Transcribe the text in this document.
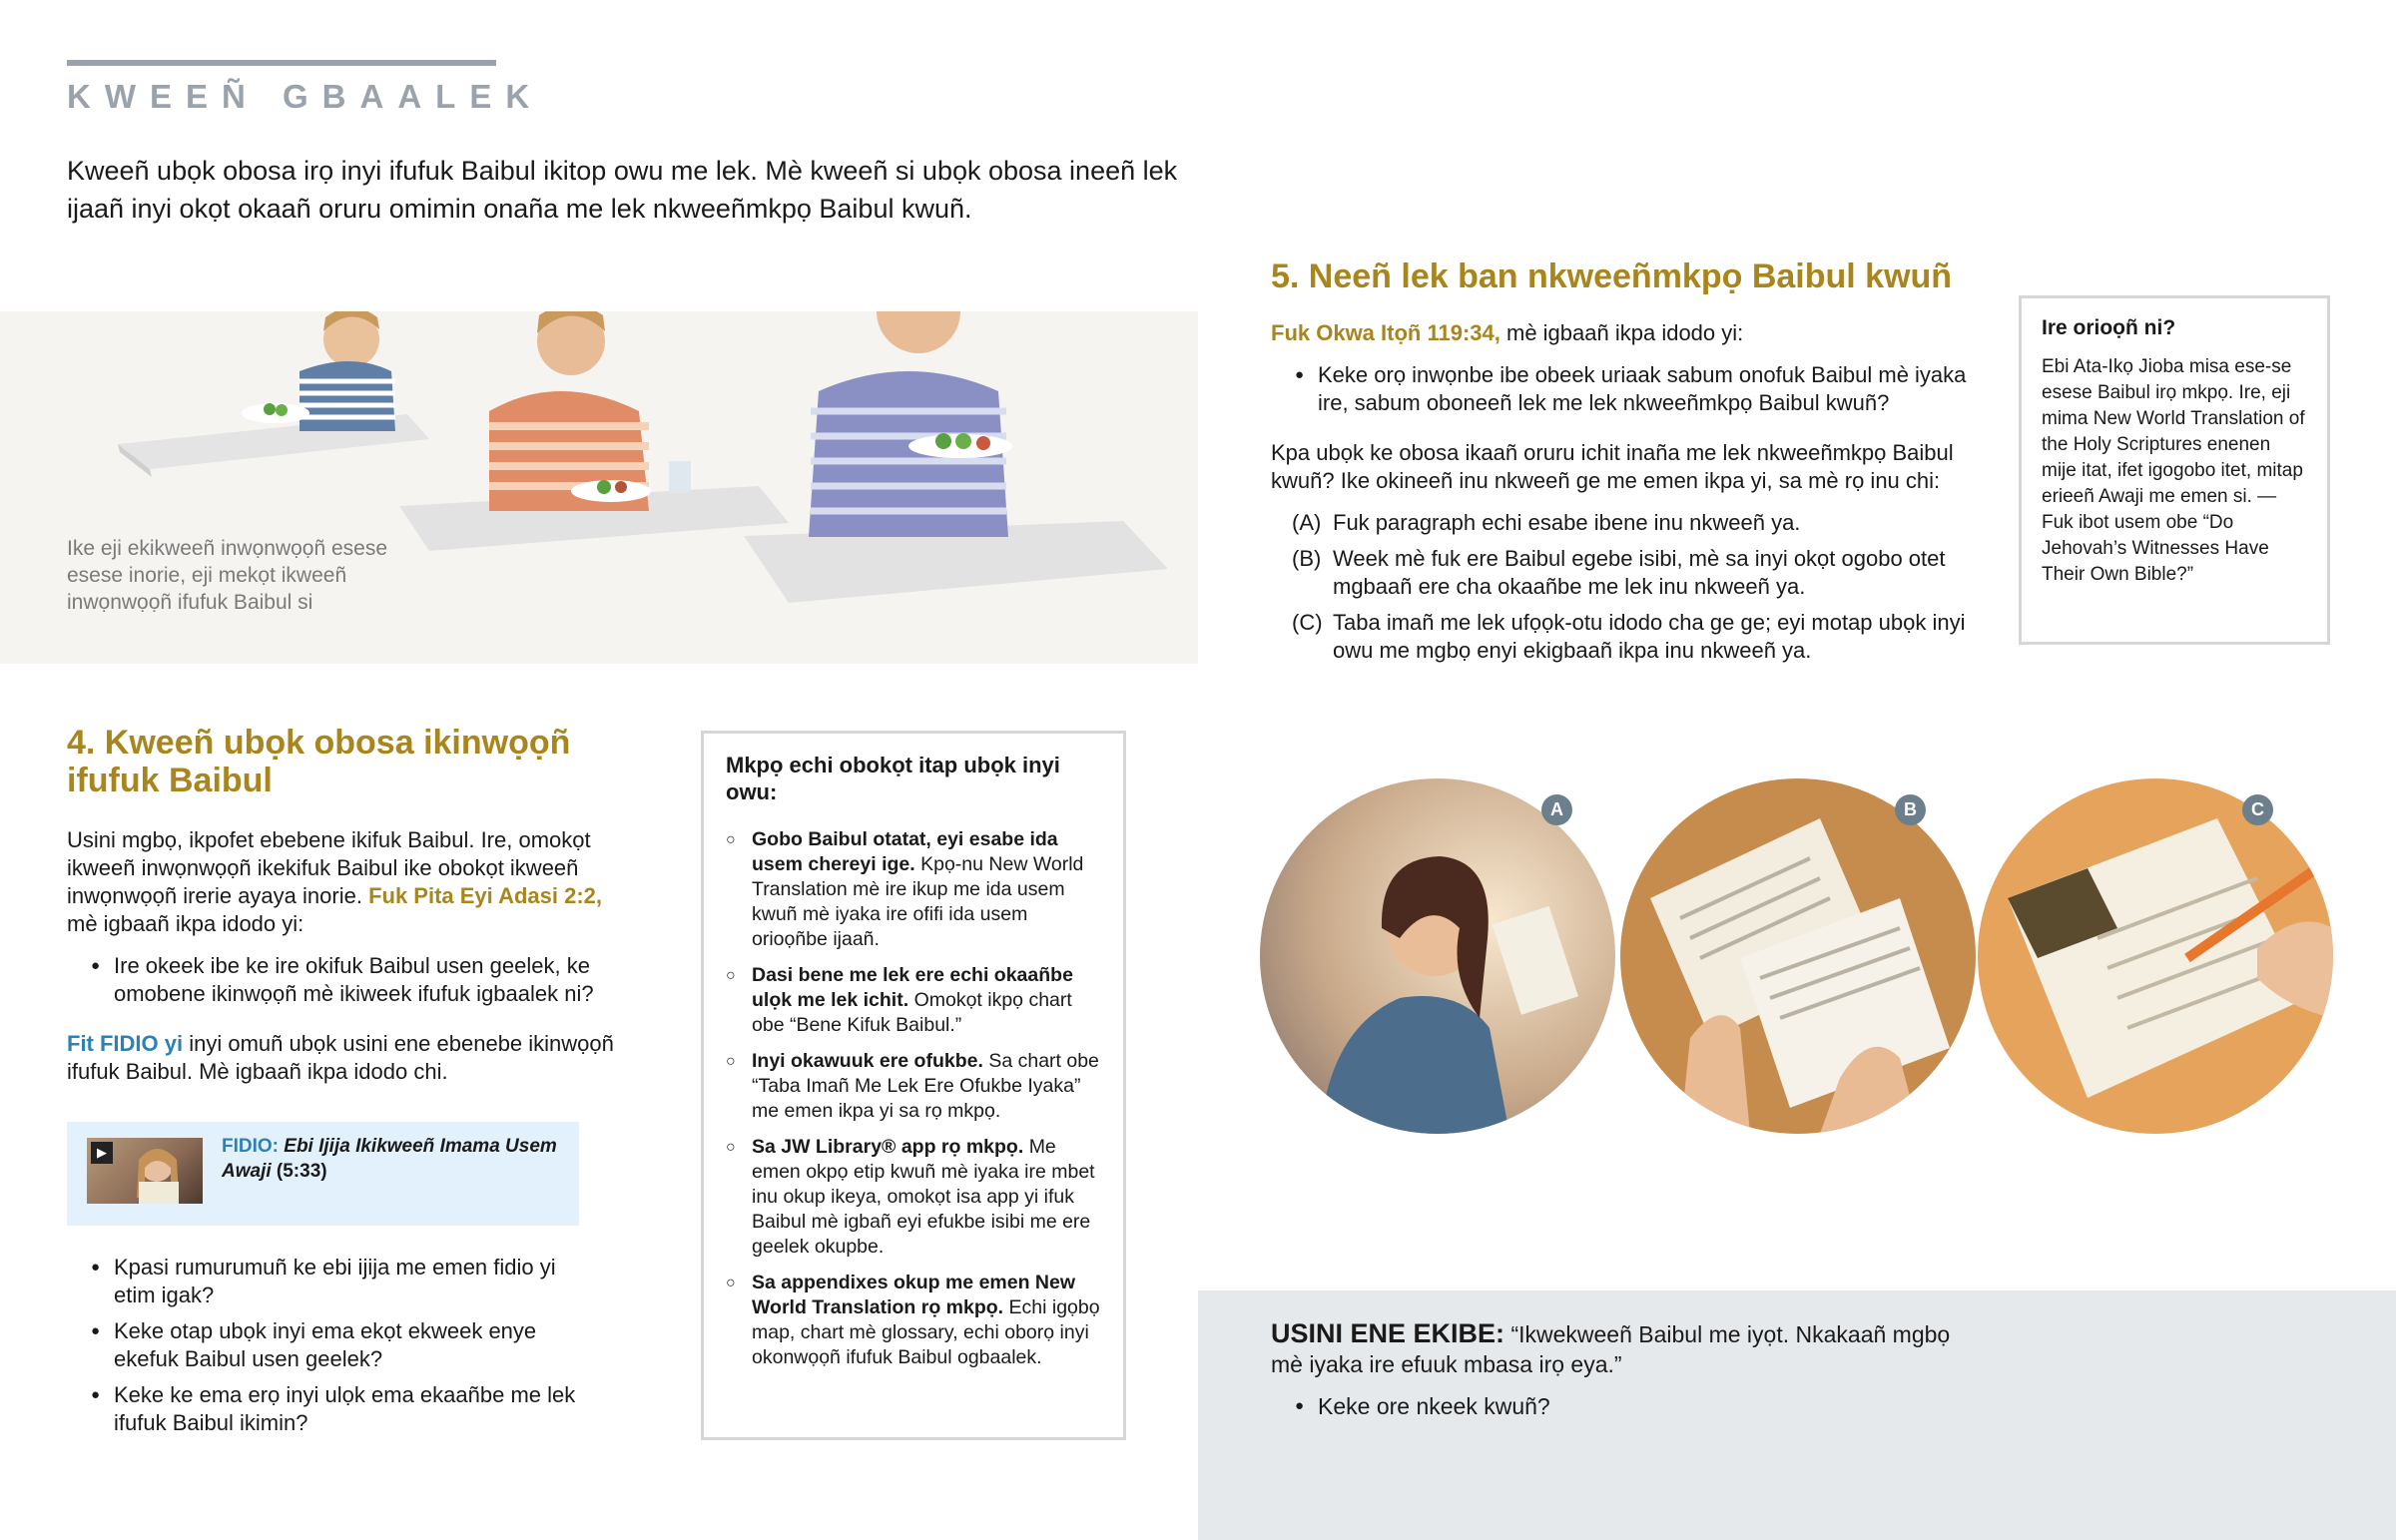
KWEEÑ GBAALEK
Kweeñ ubọk obosa irọ inyi ifufuk Baibul ikitop owu me lek. Mè kweeñ si ubọk obosa ineeñ lek ijaañ inyi okọt okaañ oruru omimin onaña me lek nkweeñmkpọ Baibul kwuñ.
Ike eji ekikweeñ inwọnwọọñ esese esese inorie, eji mekọt ikweeñ inwọnwọọñ ifufuk Baibul si
4. Kweeñ ubọk obosa ikinwọọñ ifufuk Baibul

Usini mgbọ, ikpofet ebebene ikifuk Baibul. Ire, omokọt ikweeñ inwọnwọọñ ikekifuk Baibul ike obokọt ikweeñ inwọnwọọñ irerie ayaya inorie. Fuk Pita Eyi Adasi 2:2, mè igbaañ ikpa idodo yi:

● Ire okeek ibe ke ire okifuk Baibul usen geelek, ke omobene ikinwọọñ mè ikiweek ifufuk igbaalek ni?

Fit FIDIO yi inyi omuñ ubọk usini ene ebenebe ikinwọọñ ifufuk Baibul. Mè igbaañ ikpa idodo chi.

▶	FIDIO: Ebi Ijija Ikikweeñ Imama Usem Awaji (5:33)
● Kpasi rumurumuñ ke ebi ijija me emen fidio yi etim igak?
● Keke otap ubọk inyi ema ekọt ekweek enye ekefuk Baibul usen geelek?
● Keke ke ema erọ inyi ulọk ema ekaañbe me lek ifufuk Baibul ikimin?
Mkpọ echi obokọt itap ubọk inyi owu:
○ Gobo Baibul otatat, eyi esabe ida usem chereyi ige. Kpọ-nu New World Translation mè ire ikup me ida usem kwuñ mè iyaka ire ofifi ida usem orioọñbe ijaañ.
○ Dasi bene me lek ere echi okaañbe ulọk me lek ichit. Omokọt ikpọ chart obe “Bene Kifuk Baibul.”
○ Inyi okawuuk ere ofukbe. Sa chart obe “Taba Imañ Me Lek Ere Ofukbe Iyaka” me emen ikpa yi sa rọ mkpọ.
○ Sa JW Library® app rọ mkpọ. Me emen okpọ etip kwuñ mè iyaka ire mbet inu okup ikeya, omokọt isa app yi ifuk Baibul mè igbañ eyi efukbe isibi me ere geelek okupbe.
○ Sa appendixes okup me emen New World Translation rọ mkpọ. Echi igọbọ map, chart mè glossary, echi oborọ inyi okonwọọñ ifufuk Baibul ogbaalek.
5. Neeñ lek ban nkweeñmkpọ Baibul kwuñ

Fuk Okwa Itọñ 119:34, mè igbaañ ikpa idodo yi:

● Keke orọ inwọnbe ibe obeek uriaak sabum onofuk Baibul mè iyaka ire, sabum oboneeñ lek me lek nkweeñmkpọ Baibul kwuñ?

Kpa ubọk ke obosa ikaañ oruru ichit inaña me lek nkweeñmkpọ Baibul kwuñ? Ike okineeñ inu nkweeñ ge me emen ikpa yi, sa mè rọ inu chi:

(A) Fuk paragraph echi esabe ibene inu nkweeñ ya.
(B) Week mè fuk ere Baibul egebe isibi, mè sa inyi okọt ogobo otet mgbaañ ere cha okaañbe me lek inu nkweeñ ya.
(C) Taba imañ me lek ufọọk-otu idodo cha ge ge; eyi motap ubọk inyi owu me mgbọ enyi ekigbaañ ikpa inu nkweeñ ya.
Ire orioọñ ni?

Ebi Ata-Ikọ Jioba misa ese-se esese Baibul irọ mkpọ. Ire, eji mima New World Translation of the Holy Scriptures enenen mije itat, ifet igogobo itet, mitap erieeñ Awaji me emen si. —Fuk ibot usem obe “Do Jehovah’s Witnesses Have Their Own Bible?”

A	B	C

USINI ENE EKIBE: “Ikwekweeñ Baibul me iyọt. Nkakaañ mgbọ mè iyaka ire efuuk mbasa irọ eya.”

● Keke ore nkeek kwuñ?
